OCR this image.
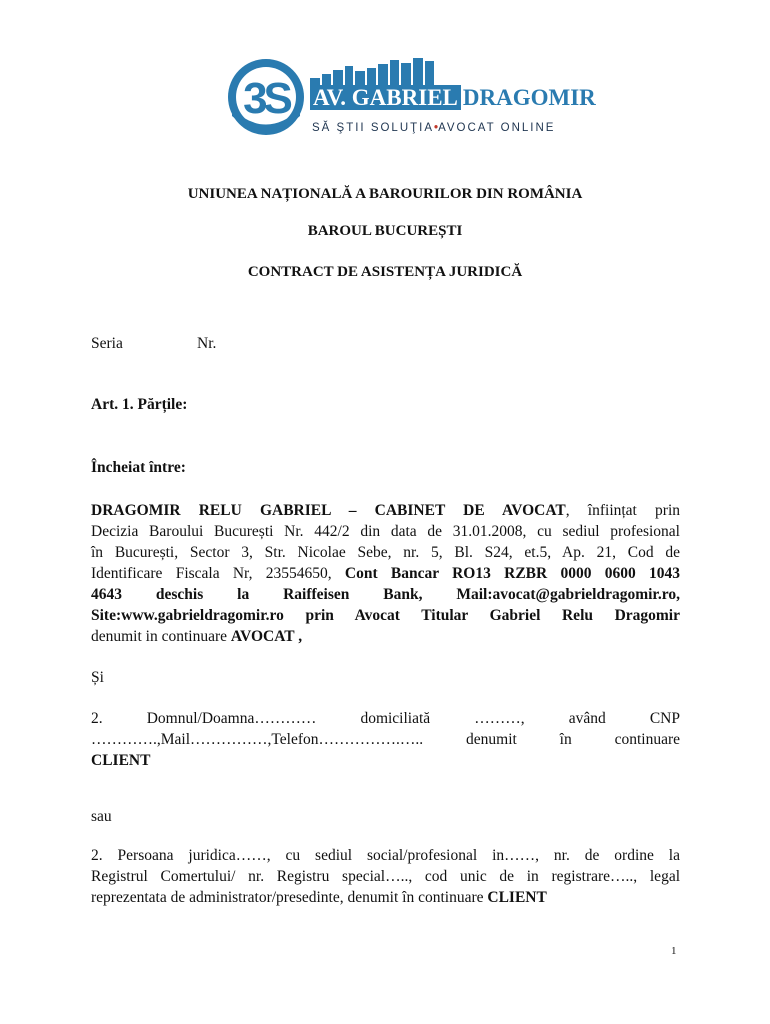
3S AV. GABRIEL DRAGOMIR
SĂ ŞTII SOLUŢIA•AVOCAT ONLINE
UNIUNEA NAȚIONALĂ A BAROURILOR DIN ROMÂNIA
BAROUL BUCUREȘTI
CONTRACT DE ASISTENȚA JURIDICĂ
Seria	Nr.
Art. 1. Părțile:
Încheiat între:
DRAGOMIR RELU GABRIEL – CABINET DE AVOCAT, înființat prin
Decizia Baroului București Nr. 442/2 din data de 31.01.2008, cu sediul profesional
în București, Sector 3, Str. Nicolae Sebe, nr. 5, Bl. S24, et.5, Ap. 21, Cod de
Identificare Fiscala Nr, 23554650, Cont Bancar RO13 RZBR 0000 0600 1043
4643 deschis la Raiffeisen Bank, Mail:avocat@gabrieldragomir.ro,
Site:www.gabrieldragomir.ro prin Avocat Titular Gabriel Relu Dragomir
denumit in continuare AVOCAT ,
Și
2. Domnul/Doamna………… domiciliată ………, având CNP
………….,Mail……………,Telefon…………….….. denumit în continuare
CLIENT
sau
2. Persoana juridica……, cu sediul social/profesional in……, nr. de ordine la
Registrul Comertului/ nr. Registru special….., cod unic de in registrare….., legal
reprezentata de administrator/presedinte, denumit în continuare CLIENT
1
